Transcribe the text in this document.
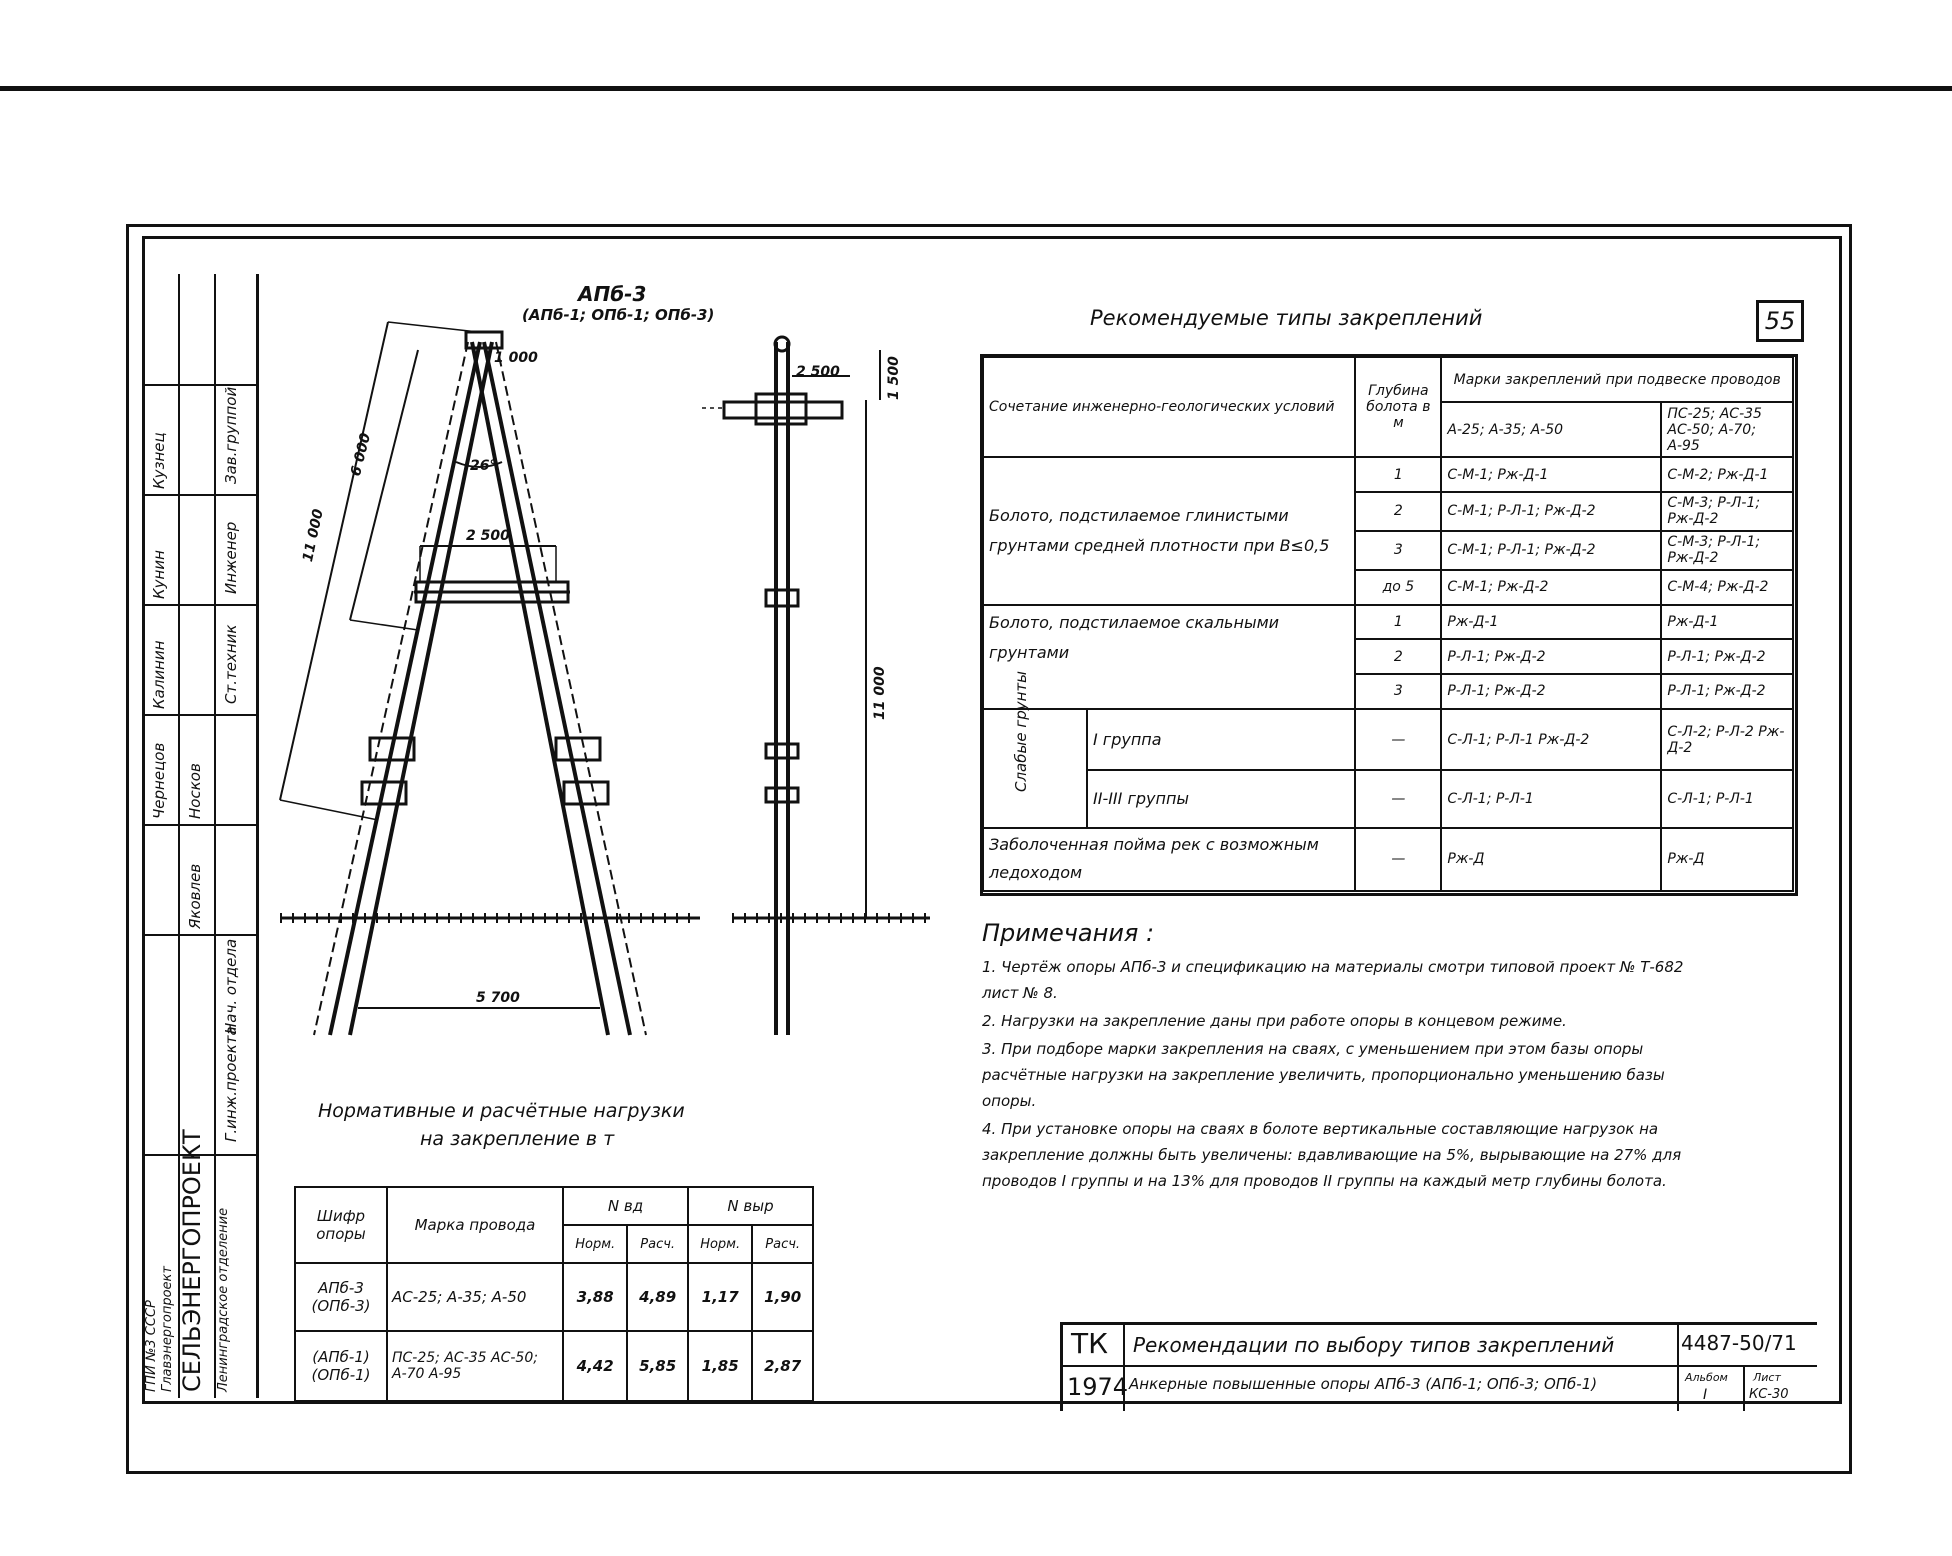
Зав.группой
Инженер
Ст.техник
Нач. отдела
Г.инж.проекта
Кузнец
Кунин
Калинин
Чернецов Носков
Яковлев
ГПИ №3 СССР Главэнергопроект СЕЛЬЭНЕРГОПРОЕКТ Ленинградское отделение
АПб-3
(АПб-1; ОПб-1; ОПб-3)
11 000
6 000	26°
2 500
5 700
1 000
2 500
11 000
1 500
Рекомендуемые типы закреплений	55
Сочетание инженерно-геологических условий		Глубина болота в м	Марки закреплений при подвеске проводов	
			А-25; А-35; А-50	ПС-25; АС-35 АС-50; А-70; А-95
Болото, подстилаемое глинистыми грунтами средней плотности при В≤0,5		1	С-М-1; Рж-Д-1	С-М-2; Рж-Д-1
		2	С-М-1; Р-Л-1; Рж-Д-2	С-М-3; Р-Л-1; Рж-Д-2
		3	С-М-1; Р-Л-1; Рж-Д-2	С-М-3; Р-Л-1; Рж-Д-2
		до 5	С-М-1; Рж-Д-2	С-М-4; Рж-Д-2
Болото, подстилаемое скальными грунтами		1	Рж-Д-1	Рж-Д-1
		2	Р-Л-1; Рж-Д-2	Р-Л-1; Рж-Д-2
		3	Р-Л-1; Рж-Д-2	Р-Л-1; Рж-Д-2

Слабые грунты	I группа	—	С-Л-1; Р-Л-1 Рж-Д-2	С-Л-2; Р-Л-2 Рж-Д-2
	II-III группы	—	С-Л-1; Р-Л-1	С-Л-1; Р-Л-1
Заболоченная пойма рек с возможным ледоходом		—	Рж-Д	Рж-Д
Примечания :

1. Чертёж опоры АПб-3 и спецификацию на материалы смотри типовой проект № Т-682 лист № 8.

2. Нагрузки на закрепление даны при работе опоры в концевом режиме.

3. При подборе марки закрепления на сваях, с уменьшением при этом базы опоры расчётные нагрузки на закрепление увеличить, пропорционально уменьшению базы опоры.

4. При установке опоры на сваях в болоте вертикальные составляющие нагрузок на закрепление должны быть увеличены: вдавливающие на 5%, вырывающие на 27% для проводов I группы и на 13% для проводов II группы на каждый метр глубины болота.

Нормативные и расчётные нагрузки
на закрепление в т
Шифр опоры	Марка провода	N вд		N выр	
		Норм.	Расч.	Норм.	Расч.
АПб-3 (ОПб-3)	АС-25; А-35; А-50	3,88	4,89	1,17	1,90
(АПб-1) (ОПб-1)	ПС-25; АС-35 АС-50; А-70 А-95	4,42	5,85	1,85	2,87
ТК
1974
Рекомендации по выбору типов закреплений
Анкерные повышенные опоры АПб-3 (АПб-1; ОПб-3; ОПб-1)
4487-50/71
Альбом
I
Лист
КС-30
